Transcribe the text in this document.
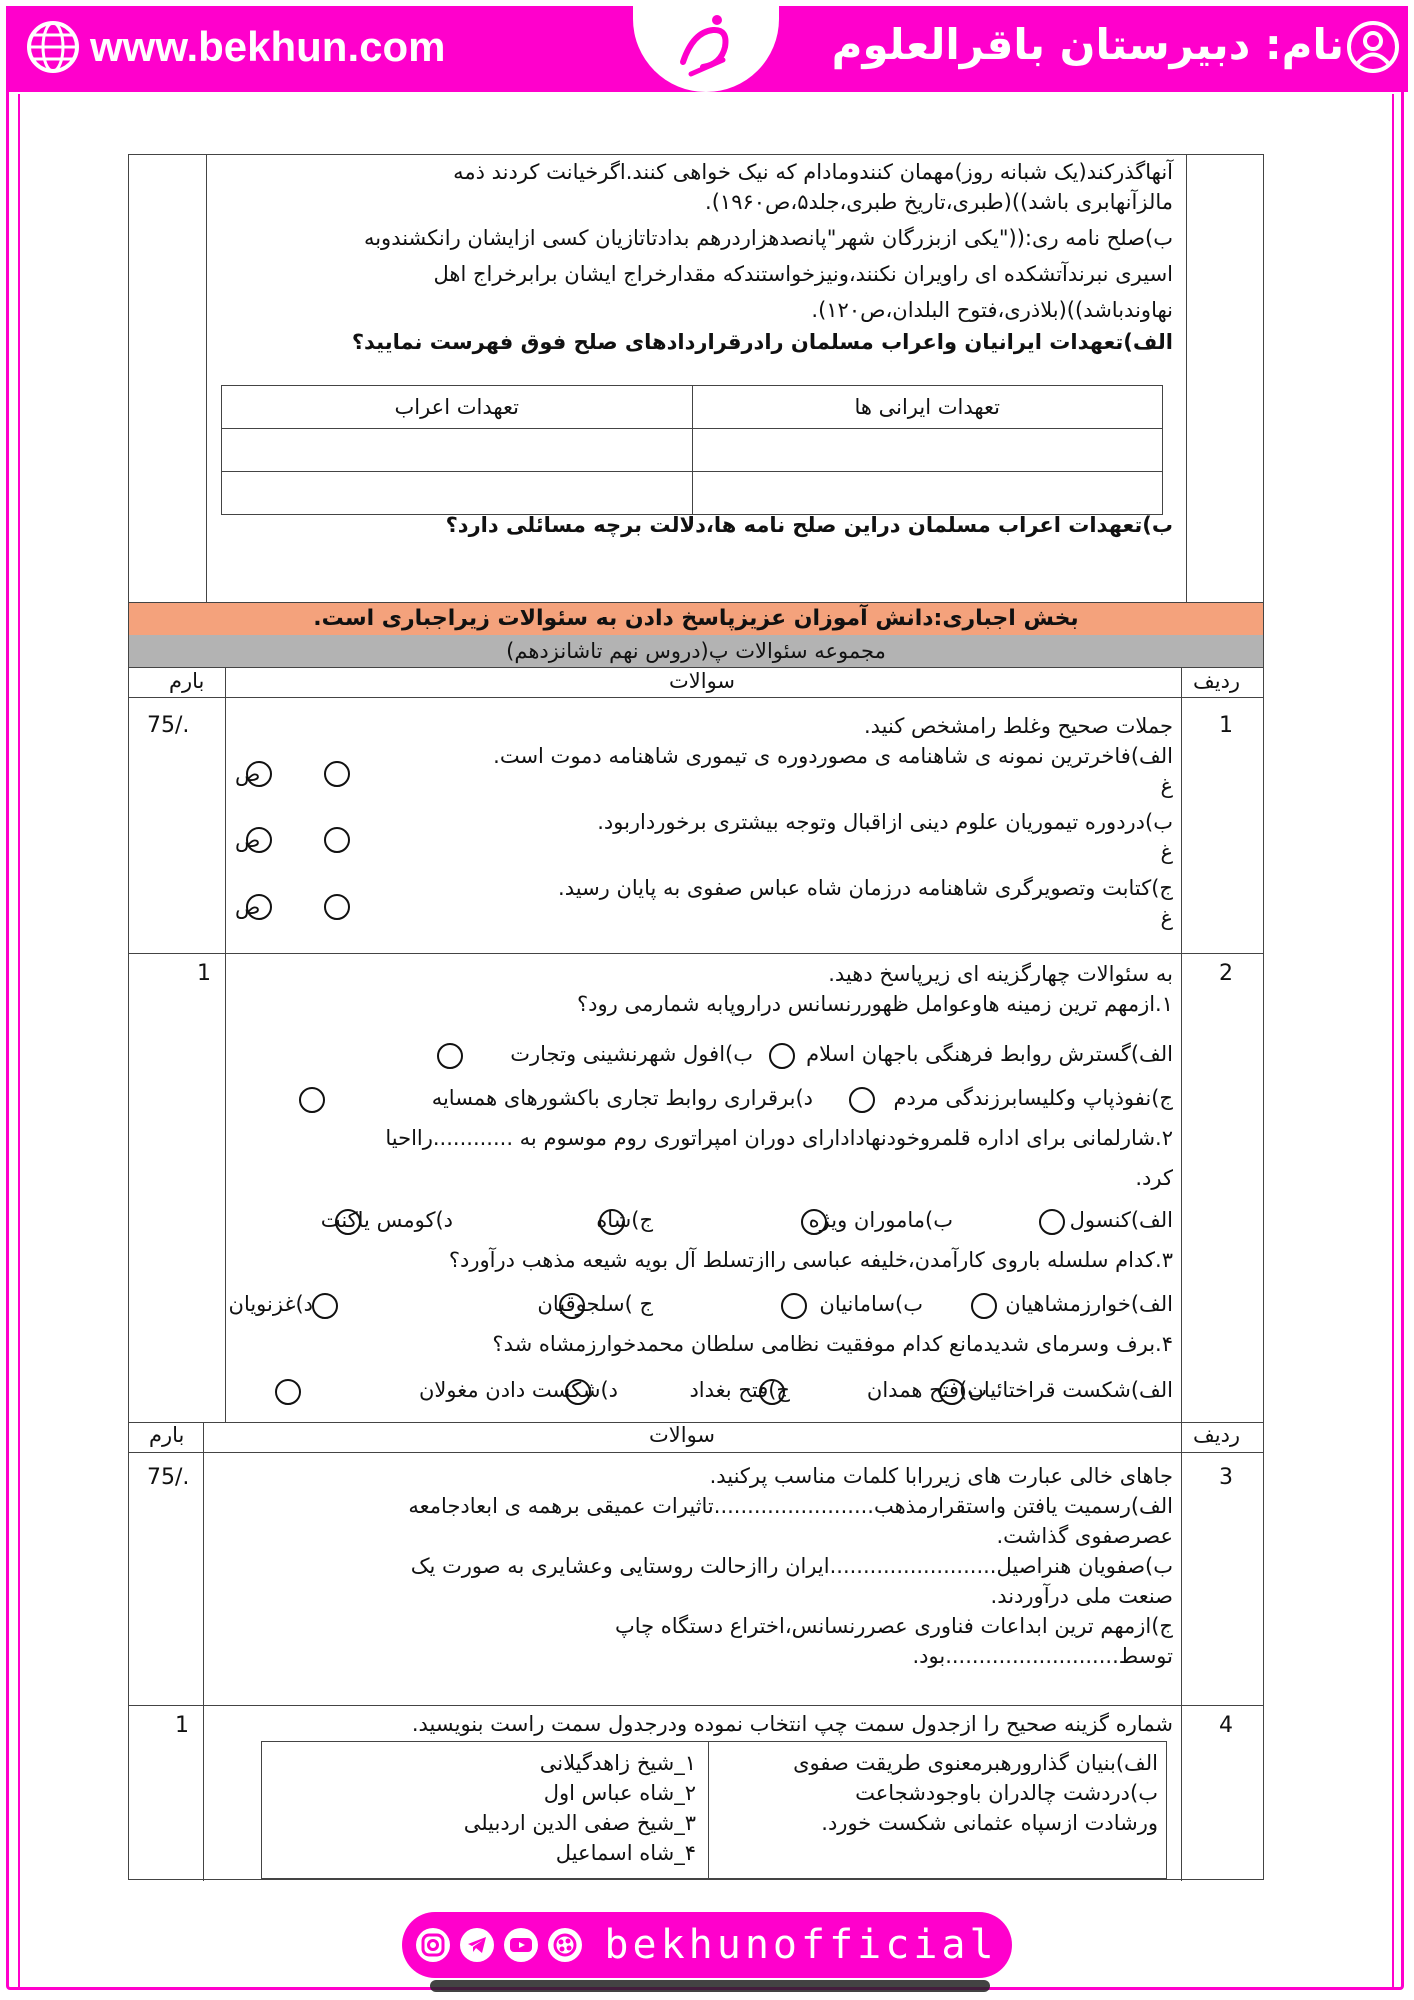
www.bekhun.com	نام: دبیرستان باقرالعلوم
آنهاگذرکند(یک شبانه روز)مهمان کنندومادام که نیک خواهی کنند.اگرخیانت کردند ذمه
مالزآنهابری باشد))(طبری،تاریخ طبری،جلد۵،ص۱۹۶۰).
ب)صلح نامه ری:(("یکی ازبزرگان شهر"پانصدهزاردرهم بدادتاتازیان کسی ازایشان رانکشندوبه
اسیری نبرندآتشکده ای راویران نکنند،ونیزخواستندکه مقدارخراج ایشان برابرخراج اهل
نهاوندباشد))(بلاذری،فتوح البلدان،ص۱۲۰).
الف)تعهدات ایرانیان واعراب مسلمان رادرقراردادهای صلح فوق فهرست نمایید؟
تعهدات اعراب	تعهدات ایرانی ها

ب)تعهدات اعراب مسلمان دراین صلح نامه ها،دلالت برچه مسائلی دارد؟
بخش اجباری:دانش آموزان عزیزپاسخ دادن به سئوالات زیراجباری است.
مجموعه سئوالات پ(دروس نهم تاشانزدهم)
بارم	سوالات	ردیف
1
75/.	جملات صحیح وغلط رامشخص کنید.
الف)فاخرترین نمونه ی شاهنامه ی مصوردوره ی تیموری شاهنامه دموت است.
غ
ب)دردوره تیموریان علوم دینی ازاقبال وتوجه بیشتری برخورداربود.
غ
ج)کتابت وتصویرگری شاهنامه درزمان شاه عباس صفوی به پایان رسید.
غ
ص
ص
ص
2
1	به سئوالات چهارگزینه ای زیرپاسخ دهید.
۱.ازمهم ترین زمینه هاوعوامل ظهوررنسانس دراروپابه شمارمی رود؟
الف)گسترش روابط فرهنگی باجهان اسلام
ب)افول شهرنشینی وتجارت
ج)نفوذپاپ وکلیسابرزندگی مردم
د)برقراری روابط تجاری باکشورهای همسایه
۲.شارلمانی برای اداره قلمروخودنهادادارای دوران امپراتوری روم موسوم به ............رااحیا
کرد.
الف)کنسول
ب)ماموران ویژه
ج)شاه
د)کومس یاکنت
۳.کدام سلسله باروی کارآمدن،خلیفه عباسی راازتسلط آل بویه شیعه مذهب درآورد؟
الف)خوارزمشاهیان
ب)سامانیان
ج )سلجوقیان
د)غزنویان
۴.برف وسرمای شدیدمانع کدام موفقیت نظامی سلطان محمدخوارزمشاه شد؟
الف)شکست قراختائیان
ب)فتح همدان
ج)فتح بغداد
د)شکست دادن مغولان
بارم	سوالات	ردیف
3
75/.	جاهای خالی عبارت های زیررابا کلمات مناسب پرکنید.
الف)رسمیت یافتن واستقرارمذهب........................تاثیرات عمیقی برهمه ی ابعادجامعه
عصرصفوی گذاشت.
ب)صفویان هنراصیل.........................ایران راازحالت روستایی وعشایری به صورت یک
صنعت ملی درآوردند.
ج)ازمهم ترین ابداعات فناوری عصررنسانس،اختراع دستگاه چاپ
توسط..........................بود.
4
1	شماره گزینه صحیح را ازجدول سمت چپ انتخاب نموده ودرجدول سمت راست بنویسید.
الف)بنیان گذارورهبرمعنوی طریقت صفوی
ب)دردشت چالدران باوجودشجاعت
ورشادت ازسپاه عثمانی شکست خورد.
۱_شیخ زاهدگیلانی
۲_شاه عباس اول
۳_شیخ صفی الدین اردبیلی
۴_شاه اسماعیل
bekhunofficial
